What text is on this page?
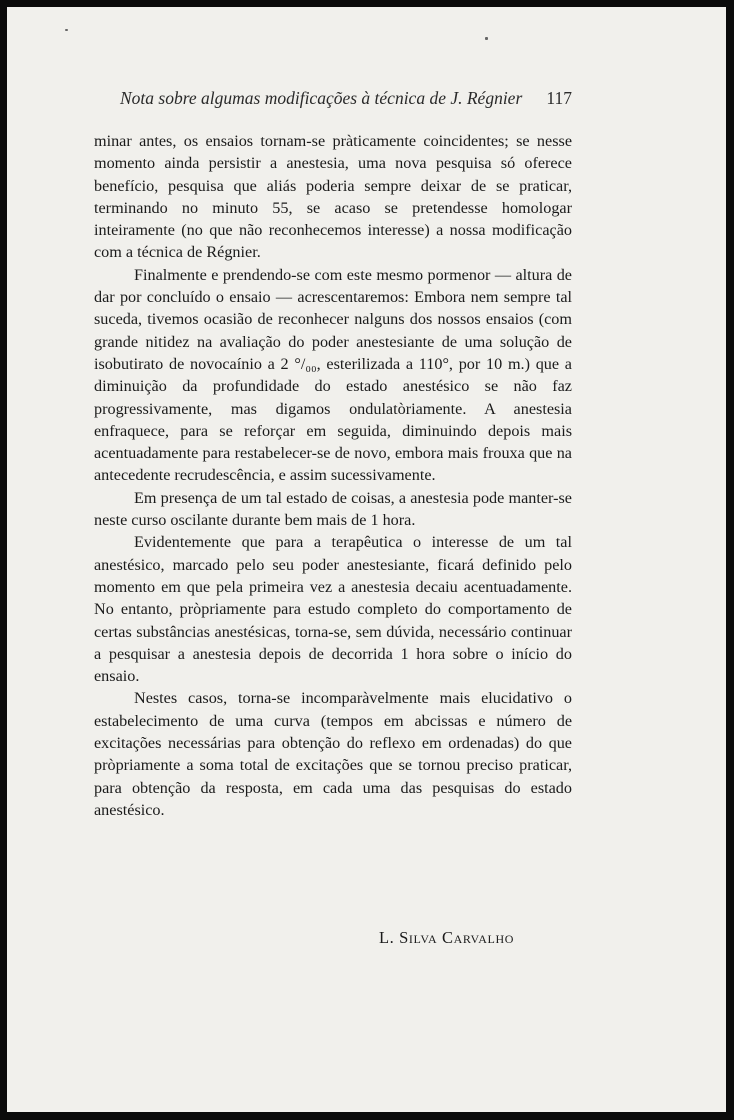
Nota sobre algumas modificações à técnica de J. Régnier 117

minar antes, os ensaios tornam-se pràticamente coincidentes; se nesse momento ainda persistir a anestesia, uma nova pesquisa só oferece benefício, pesquisa que aliás poderia sempre deixar de se praticar, terminando no minuto 55, se acaso se pretendesse homologar inteiramente (no que não reconhecemos interesse) a nossa modificação com a técnica de Régnier.

Finalmente e prendendo-se com este mesmo pormenor — altura de dar por concluído o ensaio — acrescentaremos: Embora nem sempre tal suceda, tivemos ocasião de reconhecer nalguns dos nossos ensaios (com grande nitidez na avaliação do poder anestesiante de uma solução de isobutirato de novocaínio a 2 °/₀₀, esterilizada a 110°, por 10 m.) que a diminuição da profundidade do estado anestésico se não faz progressivamente, mas digamos ondulatòriamente. A anestesia enfraquece, para se reforçar em seguida, diminuindo depois mais acentuadamente para restabelecer-se de novo, embora mais frouxa que na antecedente recrudescência, e assim sucessivamente.

Em presença de um tal estado de coisas, a anestesia pode manter-se neste curso oscilante durante bem mais de 1 hora.

Evidentemente que para a terapêutica o interesse de um tal anestésico, marcado pelo seu poder anestesiante, ficará definido pelo momento em que pela primeira vez a anestesia decaiu acentuadamente. No entanto, pròpriamente para estudo completo do comportamento de certas substâncias anestésicas, torna-se, sem dúvida, necessário continuar a pesquisar a anestesia depois de decorrida 1 hora sobre o início do ensaio.

Nestes casos, torna-se incomparàvelmente mais elucidativo o estabelecimento de uma curva (tempos em abcissas e número de excitações necessárias para obtenção do reflexo em ordenadas) do que pròpriamente a soma total de excitações que se tornou preciso praticar, para obtenção da resposta, em cada uma das pesquisas do estado anestésico.

L. Silva Carvalho
